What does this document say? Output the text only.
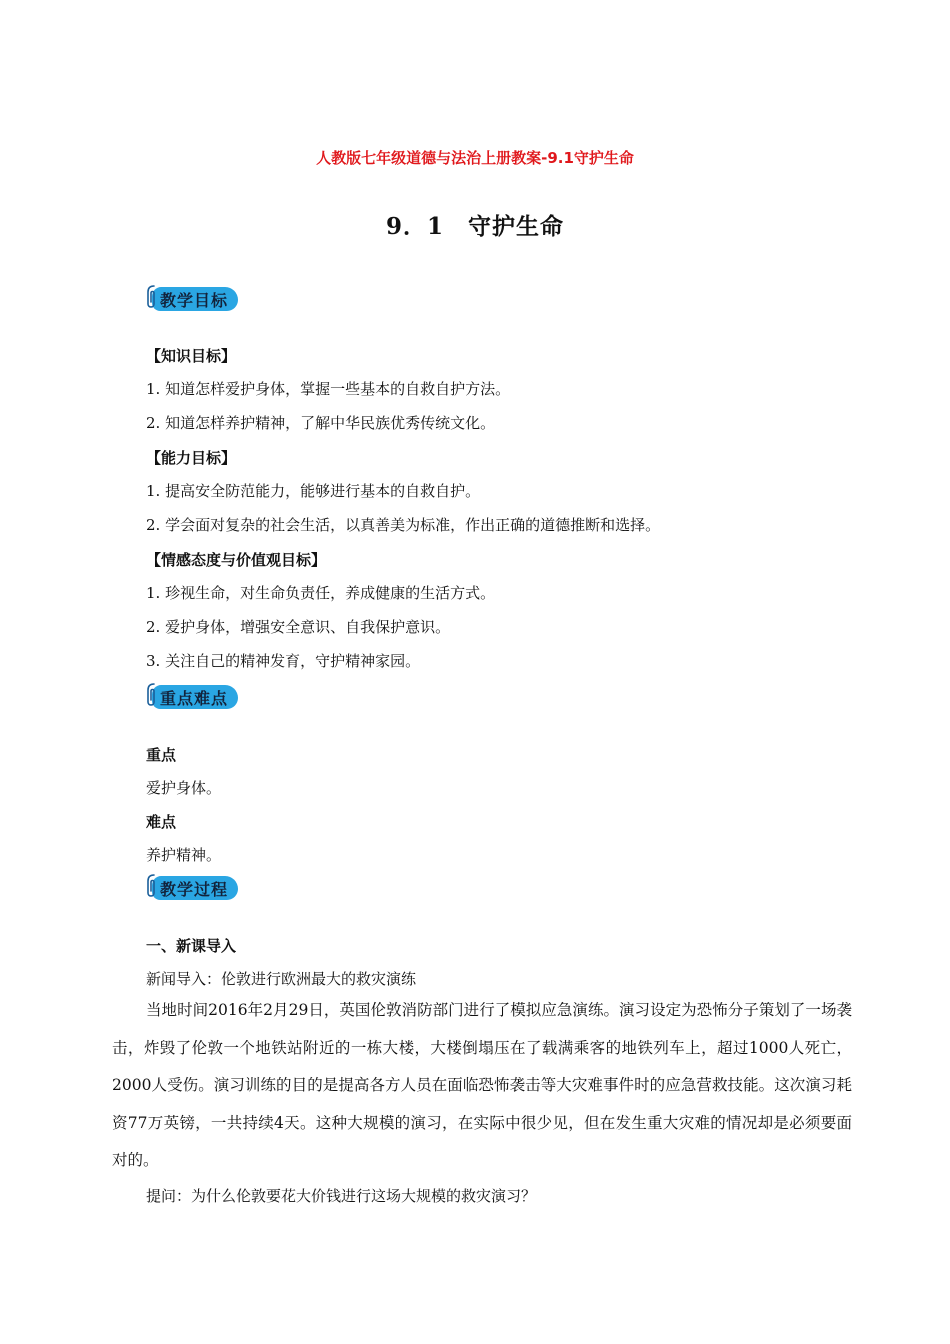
人教版七年级道德与法治上册教案-9.1守护生命
9．1　守护生命
教学目标
【知识目标】
1. 知道怎样爱护身体，掌握一些基本的自救自护方法。
2. 知道怎样养护精神，了解中华民族优秀传统文化。
【能力目标】
1. 提高安全防范能力，能够进行基本的自救自护。
2. 学会面对复杂的社会生活，以真善美为标准，作出正确的道德推断和选择。
【情感态度与价值观目标】
1. 珍视生命，对生命负责任，养成健康的生活方式。
2. 爱护身体，增强安全意识、自我保护意识。
3. 关注自己的精神发育，守护精神家园。
重点难点
重点
爱护身体。
难点
养护精神。
教学过程
一、新课导入
新闻导入：伦敦进行欧洲最大的救灾演练
当地时间2016年2月29日，英国伦敦消防部门进行了模拟应急演练。演习设定为恐怖分子策划了一场袭击，炸毁了伦敦一个地铁站附近的一栋大楼，大楼倒塌压在了载满乘客的地铁列车上，超过1000人死亡，2000人受伤。演习训练的目的是提高各方人员在面临恐怖袭击等大灾难事件时的应急营救技能。这次演习耗资77万英镑，一共持续4天。这种大规模的演习，在实际中很少见，但在发生重大灾难的情况却是必须要面对的。
提问：为什么伦敦要花大价钱进行这场大规模的救灾演习？
